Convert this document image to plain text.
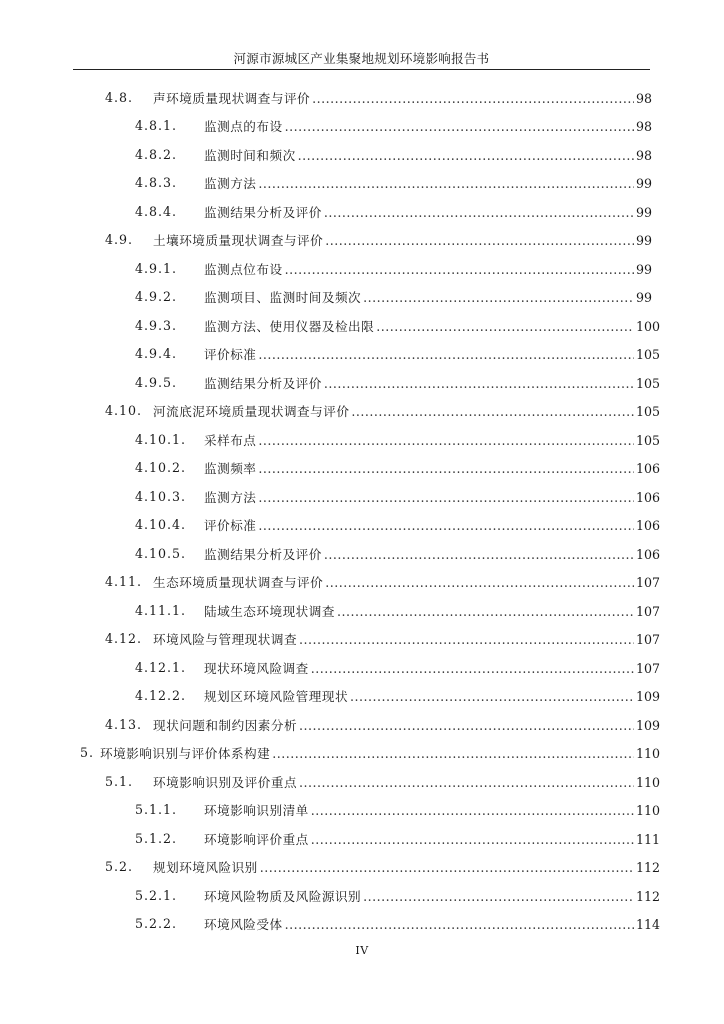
河源市源城区产业集聚地规划环境影响报告书
4.8. 声环境质量现状调查与评价 .....	98
4.8.1. 监测点的布设 .....	98
4.8.2. 监测时间和频次 .....	98
4.8.3. 监测方法 .....	99
4.8.4. 监测结果分析及评价 .....	99
4.9. 土壤环境质量现状调查与评价 .....	99
4.9.1. 监测点位布设 .....	99
4.9.2. 监测项目、监测时间及频次 .....	99
4.9.3. 监测方法、使用仪器及检出限 .....	100
4.9.4. 评价标准 .....	105
4.9.5. 监测结果分析及评价 .....	105
4.10. 河流底泥环境质量现状调查与评价 .....	105
4.10.1. 采样布点 .....	105
4.10.2. 监测频率 .....	106
4.10.3. 监测方法 .....	106
4.10.4. 评价标准 .....	106
4.10.5. 监测结果分析及评价 .....	106
4.11. 生态环境质量现状调查与评价 .....	107
4.11.1. 陆域生态环境现状调查 .....	107
4.12. 环境风险与管理现状调查 .....	107
4.12.1. 现状环境风险调查 .....	107
4.12.2. 规划区环境风险管理现状 .....	109
4.13. 现状问题和制约因素分析 .....	109
5. 环境影响识别与评价体系构建 .....	110
5.1. 环境影响识别及评价重点 .....	110
5.1.1. 环境影响识别清单 .....	110
5.1.2. 环境影响评价重点 .....	111
5.2. 规划环境风险识别 .....	112
5.2.1. 环境风险物质及风险源识别 .....	112
5.2.2. 环境风险受体 .....	114
IV
